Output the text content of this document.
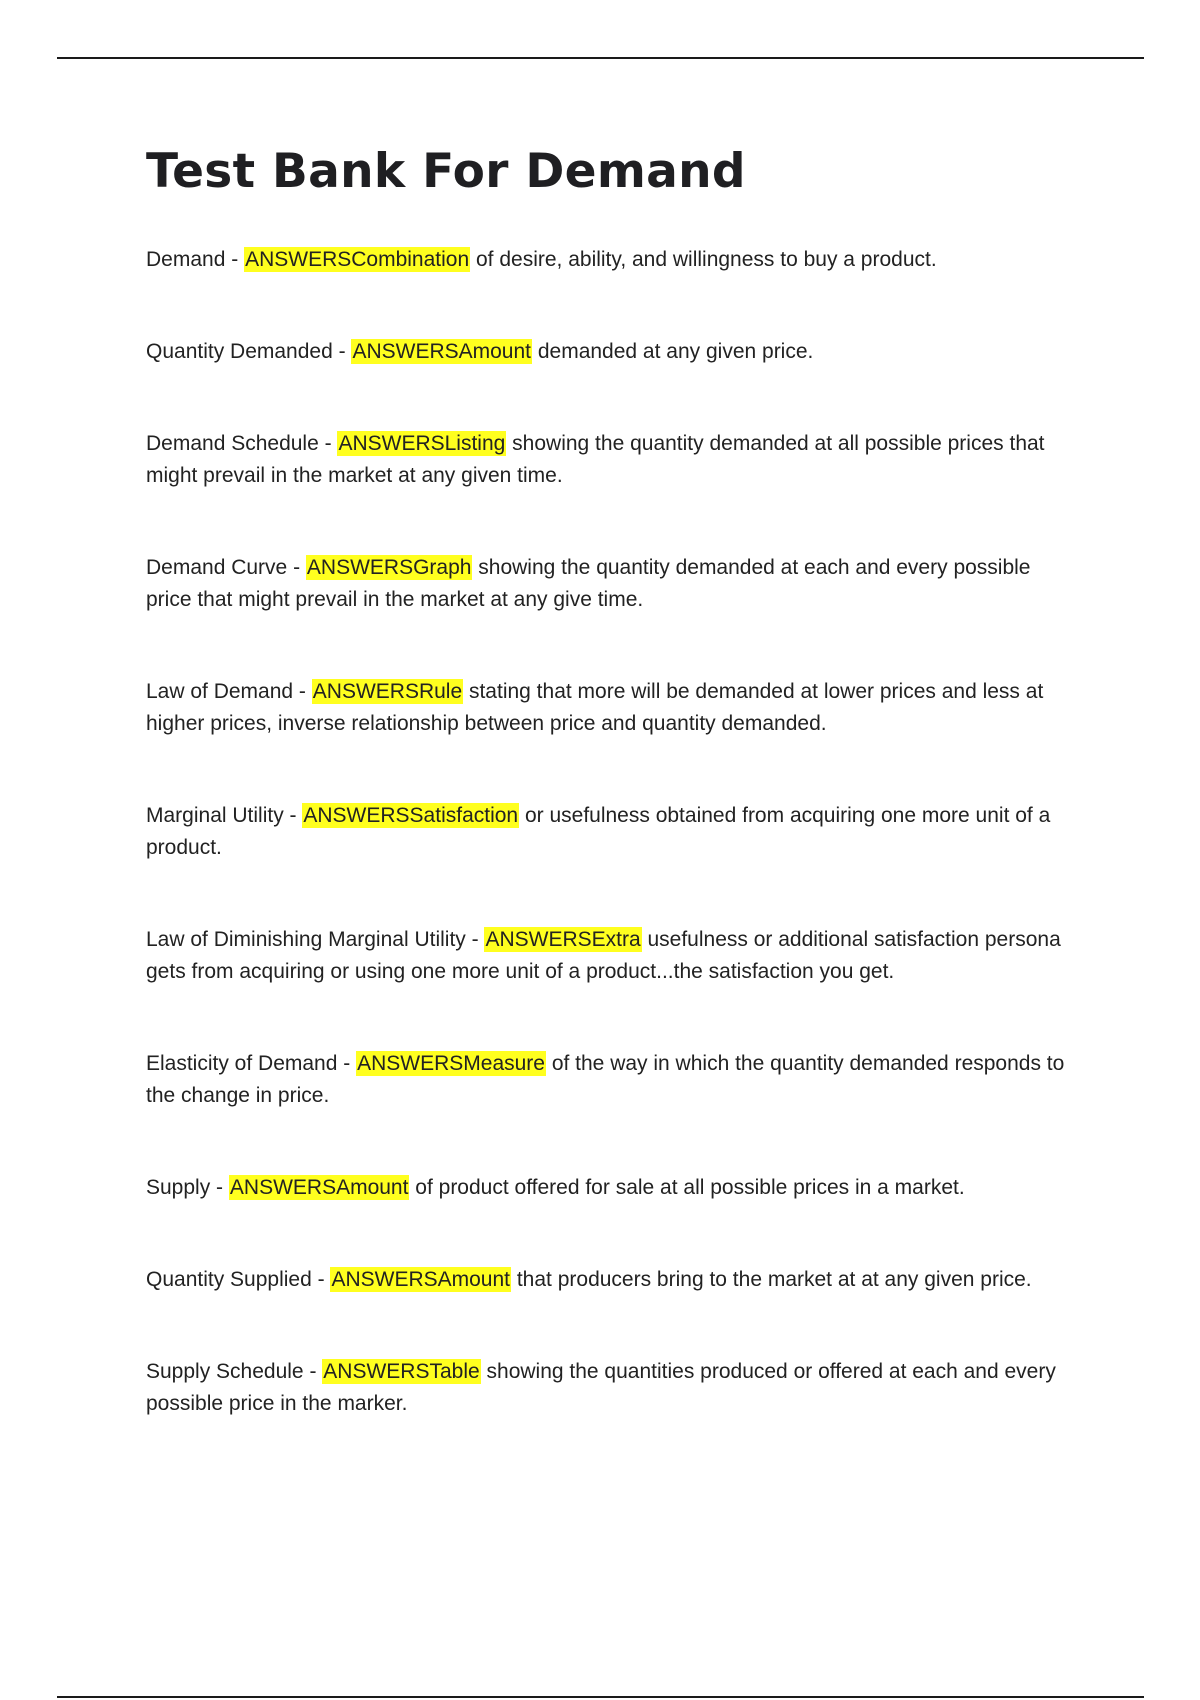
Test Bank For Demand

Demand - ANSWERSCombination of desire, ability, and willingness to buy a product.

Quantity Demanded - ANSWERSAmount demanded at any given price.

Demand Schedule - ANSWERSListing showing the quantity demanded at all possible prices that might prevail in the market at any given time.

Demand Curve - ANSWERSGraph showing the quantity demanded at each and every possible price that might prevail in the market at any give time.

Law of Demand - ANSWERSRule stating that more will be demanded at lower prices and less at higher prices, inverse relationship between price and quantity demanded.

Marginal Utility - ANSWERSSatisfaction or usefulness obtained from acquiring one more unit of a product.

Law of Diminishing Marginal Utility - ANSWERSExtra usefulness or additional satisfaction persona gets from acquiring or using one more unit of a product...the satisfaction you get.

Elasticity of Demand - ANSWERSMeasure of the way in which the quantity demanded responds to the change in price.

Supply - ANSWERSAmount of product offered for sale at all possible prices in a market.

Quantity Supplied - ANSWERSAmount that producers bring to the market at at any given price.

Supply Schedule - ANSWERSTable showing the quantities produced or offered at each and every possible price in the marker.
